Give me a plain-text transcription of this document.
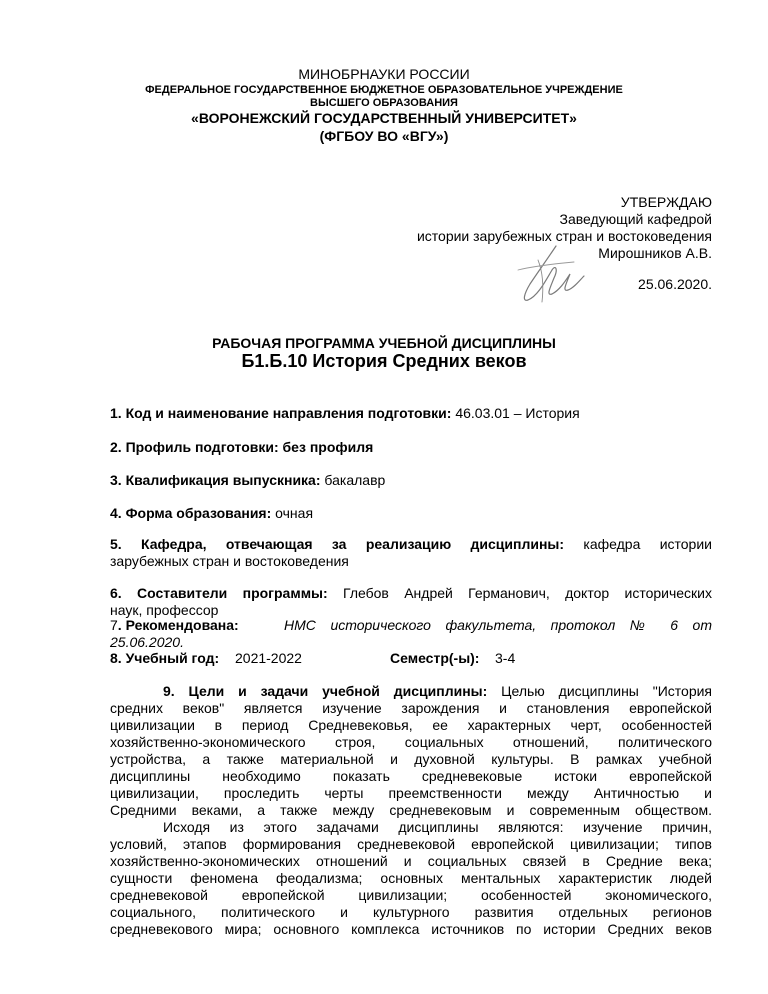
МИНОБРНАУКИ РОССИИ
ФЕДЕРАЛЬНОЕ ГОСУДАРСТВЕННОЕ БЮДЖЕТНОЕ ОБРАЗОВАТЕЛЬНОЕ УЧРЕЖДЕНИЕ
ВЫСШЕГО ОБРАЗОВАНИЯ
«ВОРОНЕЖСКИЙ ГОСУДАРСТВЕННЫЙ УНИВЕРСИТЕТ»
(ФГБОУ ВО «ВГУ»)
УТВЕРЖДАЮ
Заведующий кафедрой
истории зарубежных стран и востоковедения
Мирошников А.В.
25.06.2020.
РАБОЧАЯ ПРОГРАММА УЧЕБНОЙ ДИСЦИПЛИНЫ
Б1.Б.10 История Средних веков
1. Код и наименование направления подготовки: 46.03.01 – История
2. Профиль подготовки: без профиля
3. Квалификация выпускника: бакалавр
4. Форма образования: очная
5. Кафедра, отвечающая за реализацию дисциплины: кафедра истории
зарубежных стран и востоковедения
6. Составители программы: Глебов Андрей Германович, доктор исторических
наук, профессор
7. Рекомендована:	НМС исторического факультета, протокол № 6 от
25.06.2020.
8. Учебный год: 2021-2022	Семестр(-ы): 3-4
9. Цели и задачи учебной дисциплины: Целью дисциплины "История
средних веков" является изучение зарождения и становления европейской
цивилизации в период Средневековья, ее характерных черт, особенностей
хозяйственно-экономического строя, социальных отношений, политического
устройства, а также материальной и духовной культуры. В рамках учебной
дисциплины необходимо показать средневековые истоки европейской
цивилизации, проследить черты преемственности между Античностью и
Средними веками, а также между средневековым и современным обществом.
Исходя из этого задачами дисциплины являются: изучение причин,
условий, этапов формирования средневековой европейской цивилизации; типов
хозяйственно-экономических отношений и социальных связей в Средние века;
сущности феномена феодализма; основных ментальных характеристик людей
средневековой европейской цивилизации; особенностей экономического,
социального, политического и культурного развития отдельных регионов
средневекового мира; основного комплекса источников по истории Средних веков
